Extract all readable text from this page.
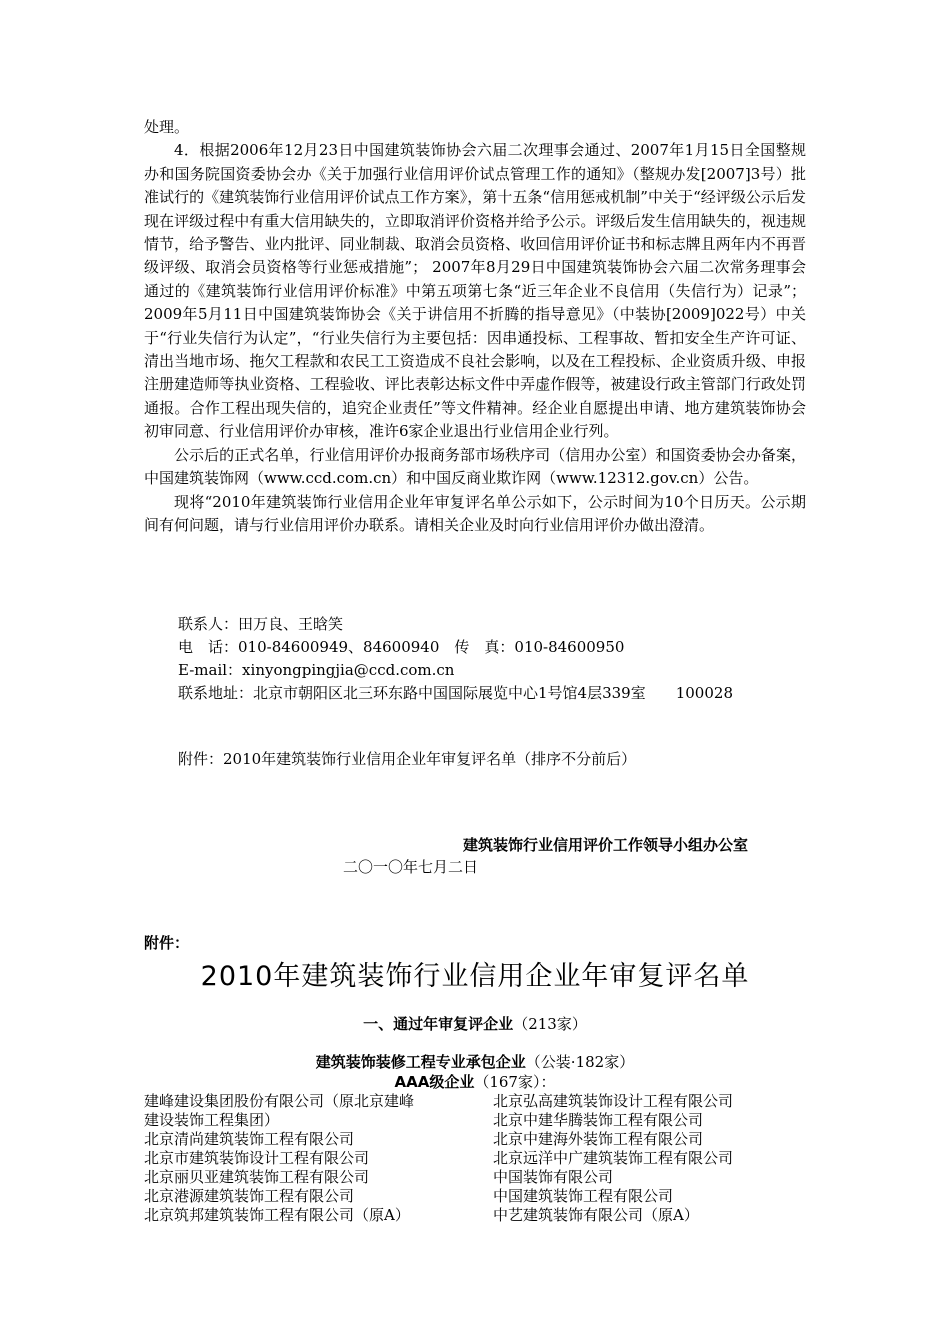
处理。

4．根据2006年12月23日中国建筑装饰协会六届二次理事会通过、2007年1月15日全国整规办和国务院国资委协会办《关于加强行业信用评价试点管理工作的通知》（整规办发[2007]3号）批准试行的《建筑装饰行业信用评价试点工作方案》，第十五条“信用惩戒机制”中关于“经评级公示后发现在评级过程中有重大信用缺失的，立即取消评价资格并给予公示。评级后发生信用缺失的，视违规情节，给予警告、业内批评、同业制裁、取消会员资格、收回信用评价证书和标志牌且两年内不再晋级评级、取消会员资格等行业惩戒措施”； 2007年8月29日中国建筑装饰协会六届二次常务理事会通过的《建筑装饰行业信用评价标准》中第五项第七条“近三年企业不良信用（失信行为）记录”；2009年5月11日中国建筑装饰协会《关于讲信用不折腾的指导意见》（中装协[2009]022号）中关于“行业失信行为认定”，“行业失信行为主要包括：因串通投标、工程事故、暂扣安全生产许可证、清出当地市场、拖欠工程款和农民工工资造成不良社会影响，以及在工程投标、企业资质升级、申报注册建造师等执业资格、工程验收、评比表彰达标文件中弄虚作假等，被建设行政主管部门行政处罚通报。合作工程出现失信的，追究企业责任”等文件精神。经企业自愿提出申请、地方建筑装饰协会初审同意、行业信用评价办审核，准许6家企业退出行业信用企业行列。

公示后的正式名单，行业信用评价办报商务部市场秩序司（信用办公室）和国资委协会办备案，中国建筑装饰网（www.ccd.com.cn）和中国反商业欺诈网（www.12312.gov.cn）公告。

现将“2010年建筑装饰行业信用企业年审复评名单公示如下，公示时间为10个日历天。公示期间有何问题，请与行业信用评价办联系。请相关企业及时向行业信用评价办做出澄清。

联系人：田万良、王晗笑
电　话：010-84600949、84600940　传　真：010-84600950
E-mail：xinyongpingjia@ccd.com.cn
联系地址：北京市朝阳区北三环东路中国国际展览中心1号馆4层339室　　100028
附件：2010年建筑装饰行业信用企业年审复评名单（排序不分前后）
建筑装饰行业信用评价工作领导小组办公室
二〇一〇年七月二日
附件：
2010年建筑装饰行业信用企业年审复评名单
一、通过年审复评企业（213家）
建筑装饰装修工程专业承包企业（公装·182家）
AAA级企业（167家）：
建峰建设集团股份有限公司（原北京建峰
建设装饰工程集团）
北京清尚建筑装饰工程有限公司
北京市建筑装饰设计工程有限公司
北京丽贝亚建筑装饰工程有限公司
北京港源建筑装饰工程有限公司
北京筑邦建筑装饰工程有限公司（原A）
北京弘高建筑装饰设计工程有限公司
北京中建华腾装饰工程有限公司
北京中建海外装饰工程有限公司
北京远洋中广建筑装饰工程有限公司
中国装饰有限公司
中国建筑装饰工程有限公司
中艺建筑装饰有限公司（原A）
